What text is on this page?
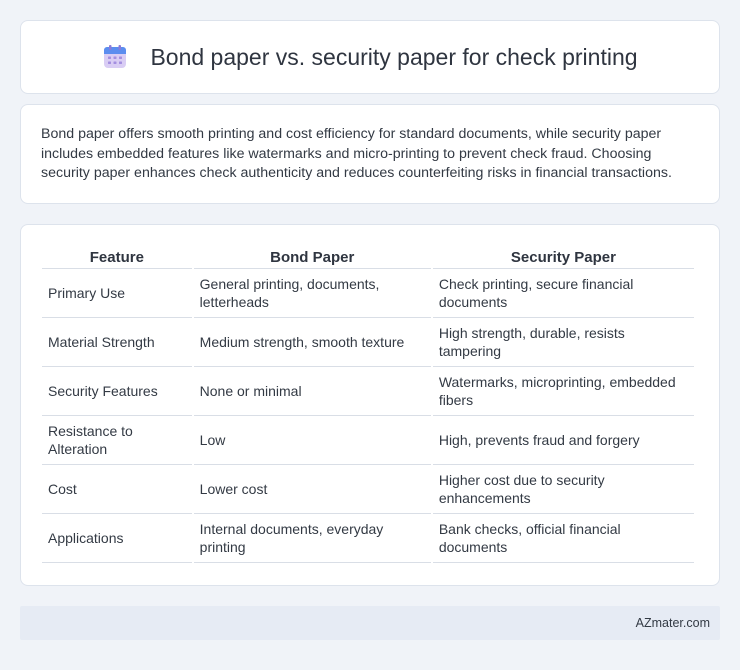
Bond paper vs. security paper for check printing

Bond paper offers smooth printing and cost efficiency for standard documents, while security paper includes embedded features like watermarks and micro-printing to prevent check fraud. Choosing security paper enhances check authenticity and reduces counterfeiting risks in financial transactions.

Feature	Bond Paper	Security Paper
Primary Use	General printing, documents, letterheads	Check printing, secure financial documents
Material Strength	Medium strength, smooth texture	High strength, durable, resists tampering
Security Features	None or minimal	Watermarks, microprinting, embedded fibers
Resistance to Alteration	Low	High, prevents fraud and forgery
Cost	Lower cost	Higher cost due to security enhancements
Applications	Internal documents, everyday printing	Bank checks, official financial documents
AZmater.com
